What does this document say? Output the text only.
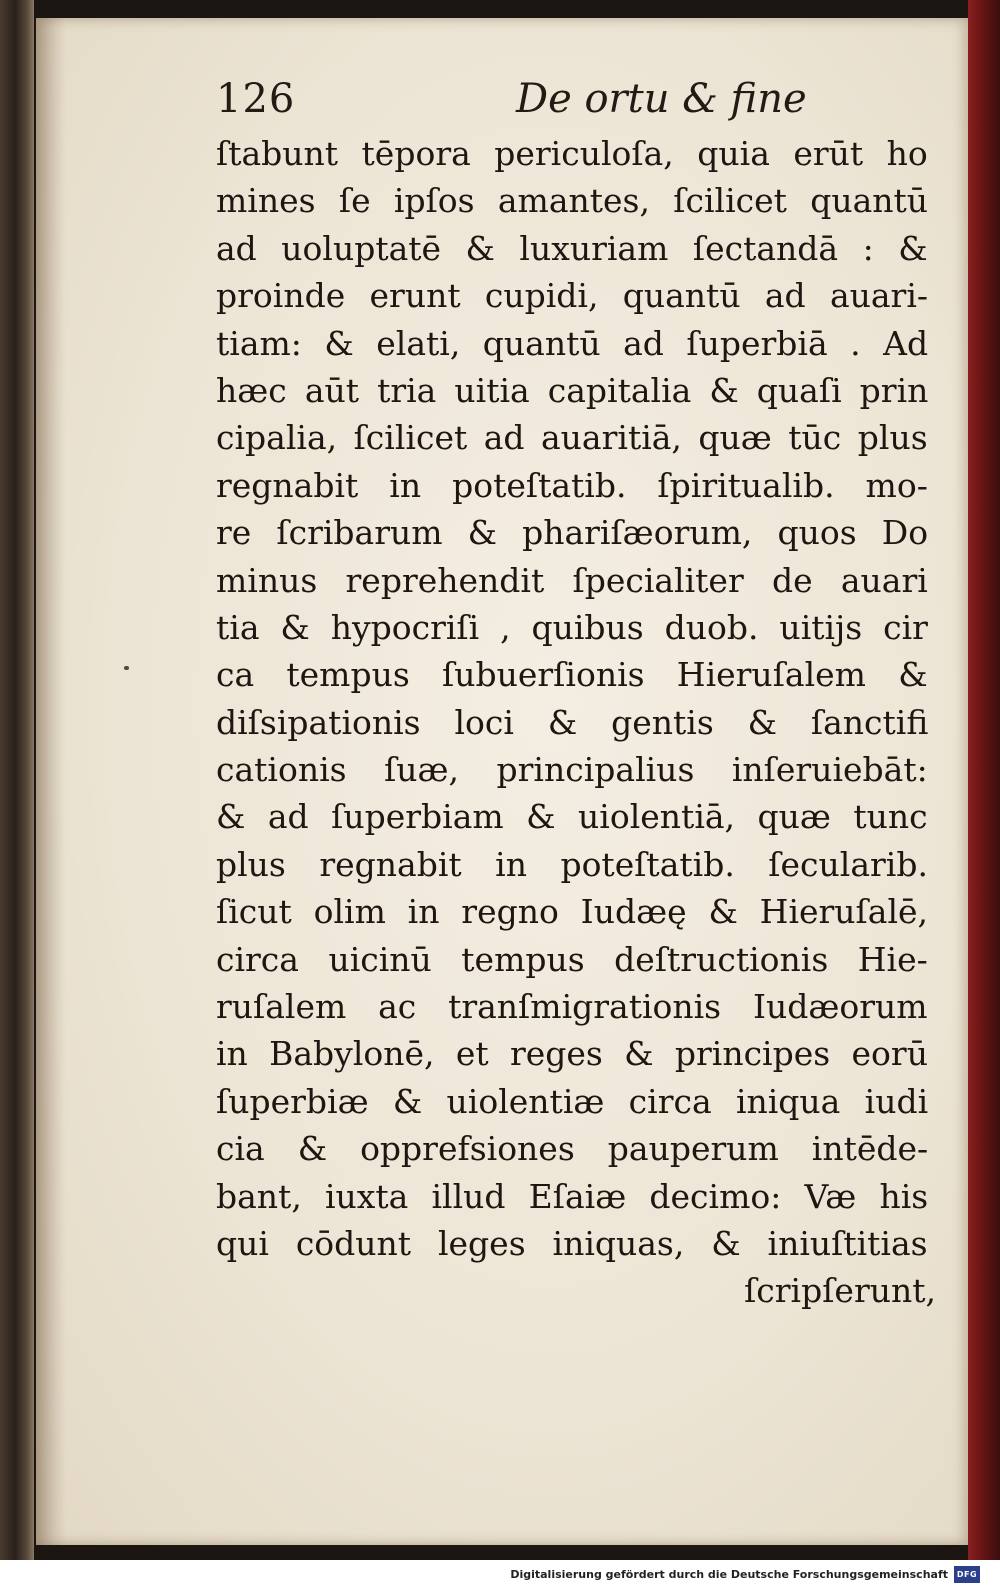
126	De ortu & fine
ſtabunt tēpora periculoſa, quia erūt ho
mines ſe ipſos amantes, ſcilicet quantū
ad uoluptatē & luxuriam ſectandā : &
proinde erunt cupidi, quantū ad auari-
tiam: & elati, quantū ad ſuperbiā . Ad
hæc aūt tria uitia capitalia & quaſi prin
cipalia, ſcilicet ad auaritiā, quæ tūc plus
regnabit in poteſtatib. ſpiritualib. mo-
re ſcribarum & phariſæorum, quos Do
minus reprehendit ſpecialiter de auari
tia & hypocriſi , quibus duob. uitijs cir
ca tempus ſubuerſionis Hieruſalem &
diſsipationis loci & gentis & ſanctifi
cationis ſuæ, principalius inſeruiebāt:
& ad ſuperbiam & uiolentiā, quæ tunc
plus regnabit in poteſtatib. ſecularib.
ſicut olim in regno Iudæę & Hieruſalē,
circa uicinū tempus deſtructionis Hie-
ruſalem ac tranſmigrationis Iudæorum
in Babylonē, et reges & principes eorū
ſuperbiæ & uiolentiæ circa iniqua iudi
cia & opprefsiones pauperum intēde-
bant, iuxta illud Eſaiæ decimo: Væ his
qui cōdunt leges iniquas, & iniuſtitias
ſcripſerunt,
Digitalisierung gefördert durch die Deutsche Forschungsgemeinschaft	DFG
